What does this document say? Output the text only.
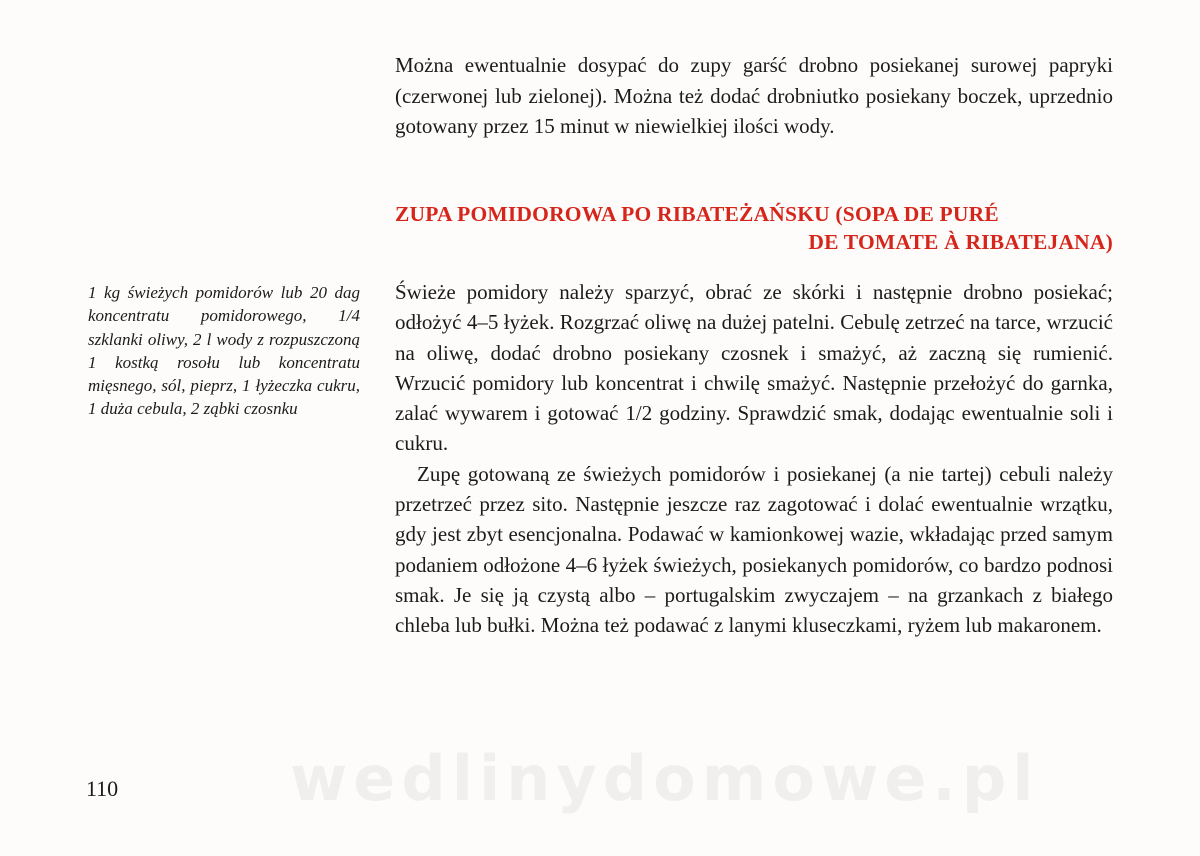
Można ewentualnie dosypać do zupy garść drobno posiekanej surowej papryki (czerwonej lub zielonej). Można też dodać drobniutko posiekany boczek, uprzednio gotowany przez 15 minut w niewielkiej ilości wody.

ZUPA POMIDOROWA PO RIBATEŻAŃSKU (SOPA DE PURÉ
DE TOMATE À RIBATEJANA)

1 kg świeżych pomidorów lub 20 dag koncentratu pomidorowego, 1/4 szklanki oliwy, 2 l wody z rozpuszczoną 1 kostką rosołu lub koncentratu mięsnego, sól, pieprz, 1 łyżeczka cukru, 1 duża cebula, 2 ząbki czosnku

Świeże pomidory należy sparzyć, obrać ze skórki i następnie drobno posiekać; odłożyć 4–5 łyżek. Rozgrzać oliwę na dużej patelni. Cebulę zetrzeć na tarce, wrzucić na oliwę, dodać drobno posiekany czosnek i smażyć, aż zaczną się rumienić. Wrzucić pomidory lub koncentrat i chwilę smażyć. Następnie przełożyć do garnka, zalać wywarem i gotować 1/2 godziny. Sprawdzić smak, dodając ewentualnie soli i cukru.

Zupę gotowaną ze świeżych pomidorów i posiekanej (a nie tartej) cebuli należy przetrzeć przez sito. Następnie jeszcze raz zagotować i dolać ewentualnie wrzątku, gdy jest zbyt esencjonalna. Podawać w kamionkowej wazie, wkładając przed samym podaniem odłożone 4–6 łyżek świeżych, posiekanych pomidorów, co bardzo podnosi smak. Je się ją czystą albo – portugalskim zwyczajem – na grzankach z białego chleba lub bułki. Można też podawać z lanymi kluseczkami, ryżem lub makaronem.

wedlinydomowe.pl

110
